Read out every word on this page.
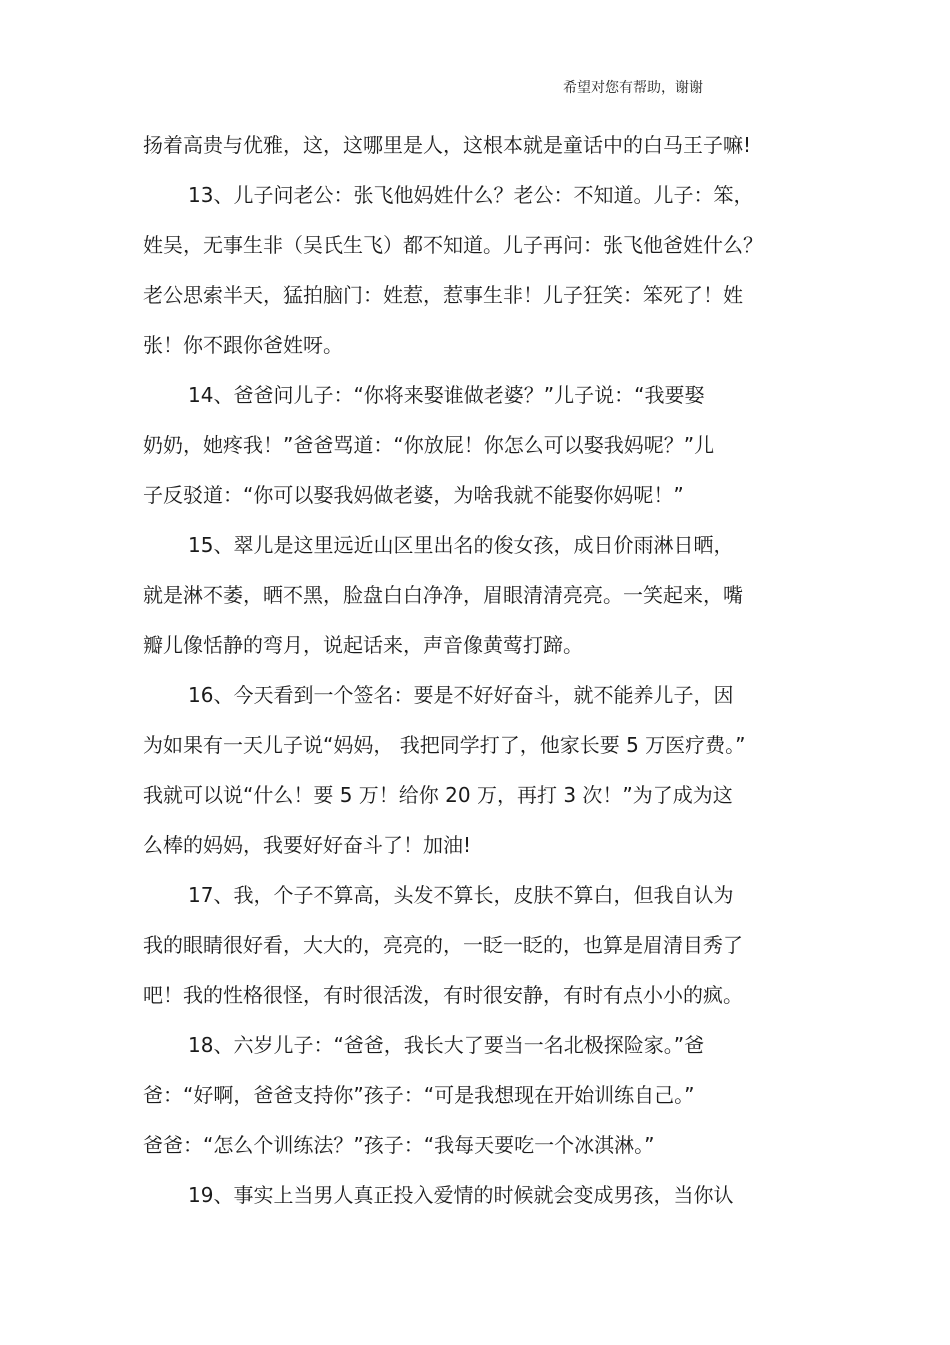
希望对您有帮助，谢谢
扬着高贵与优雅，这，这哪里是人，这根本就是童话中的白马王子嘛!
13、儿子问老公：张飞他妈姓什么？老公：不知道。儿子：笨，
姓吴，无事生非（吴氏生飞）都不知道。儿子再问：张飞他爸姓什么？
老公思索半天，猛拍脑门：姓惹，惹事生非！儿子狂笑：笨死了！姓
张！你不跟你爸姓呀。
14、爸爸问儿子：“你将来娶谁做老婆？”儿子说：“我要娶
奶奶，她疼我！”爸爸骂道：“你放屁！你怎么可以娶我妈呢？”儿
子反驳道：“你可以娶我妈做老婆，为啥我就不能娶你妈呢！”
15、翠儿是这里远近山区里出名的俊女孩，成日价雨淋日晒，
就是淋不萎，晒不黑，脸盘白白净净，眉眼清清亮亮。一笑起来，嘴
瓣儿像恬静的弯月，说起话来，声音像黄莺打蹄。
16、今天看到一个签名：要是不好好奋斗，就不能养儿子，因
为如果有一天儿子说“妈妈， 我把同学打了，他家长要 5 万医疗费。”
我就可以说“什么！要 5 万！给你 20 万，再打 3 次！”为了成为这
么棒的妈妈，我要好好奋斗了！加油!
17、我，个子不算高，头发不算长，皮肤不算白，但我自认为
我的眼睛很好看，大大的，亮亮的，一眨一眨的，也算是眉清目秀了
吧！我的性格很怪，有时很活泼，有时很安静，有时有点小小的疯。
18、六岁儿子：“爸爸，我长大了要当一名北极探险家。”爸
爸：“好啊，爸爸支持你”孩子：“可是我想现在开始训练自己。”
爸爸：“怎么个训练法？”孩子：“我每天要吃一个冰淇淋。”
19、事实上当男人真正投入爱情的时候就会变成男孩，当你认
